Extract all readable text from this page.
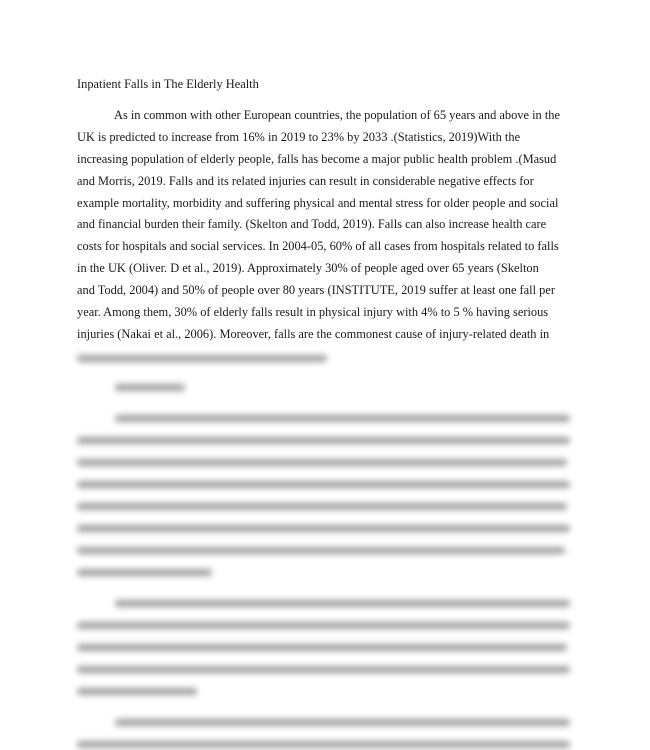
Inpatient Falls in The Elderly Health
As in common with other European countries, the population of 65 years and above in the
UK is predicted to increase from 16% in 2019 to 23% by 2033 .(Statistics, 2019)With the
increasing population of elderly people, falls has become a major public health problem .(Masud
and Morris, 2019. Falls and its related injuries can result in considerable negative effects for
example mortality, morbidity and suffering physical and mental stress for older people and social
and financial burden their family. (Skelton and Todd, 2019). Falls can also increase health care
costs for hospitals and social services. In 2004-05, 60% of all cases from hospitals related to falls
in the UK (Oliver. D et al., 2019). Approximately 30% of people aged over 65 years (Skelton
and Todd, 2004) and 50% of people over 80 years (INSTITUTE, 2019 suffer at least one fall per
year. Among them, 30% of elderly falls result in physical injury with 4% to 5 % having serious
injuries (Nakai et al., 2006). Moreover, falls are the commonest cause of injury-related death in
